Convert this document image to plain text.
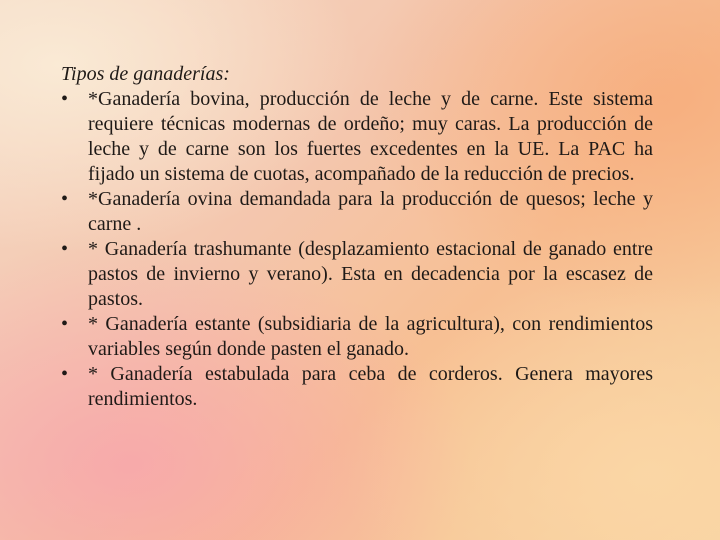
Tipos de ganaderías:
• *Ganadería bovina, producción de leche y de carne. Este sistema requiere técnicas modernas de ordeño; muy caras. La producción de leche y de carne son los fuertes excedentes en la UE. La PAC ha fijado un sistema de cuotas, acompañado de la reducción de precios.
• *Ganadería ovina demandada para la producción de quesos; leche y carne .
• * Ganadería trashumante (desplazamiento estacional de ganado entre pastos de invierno y verano). Esta en decadencia por la escasez de pastos.
• * Ganadería estante (subsidiaria de la agricultura), con rendimientos variables según donde pasten el ganado.
• * Ganadería estabulada para ceba de corderos. Genera mayores rendimientos.
